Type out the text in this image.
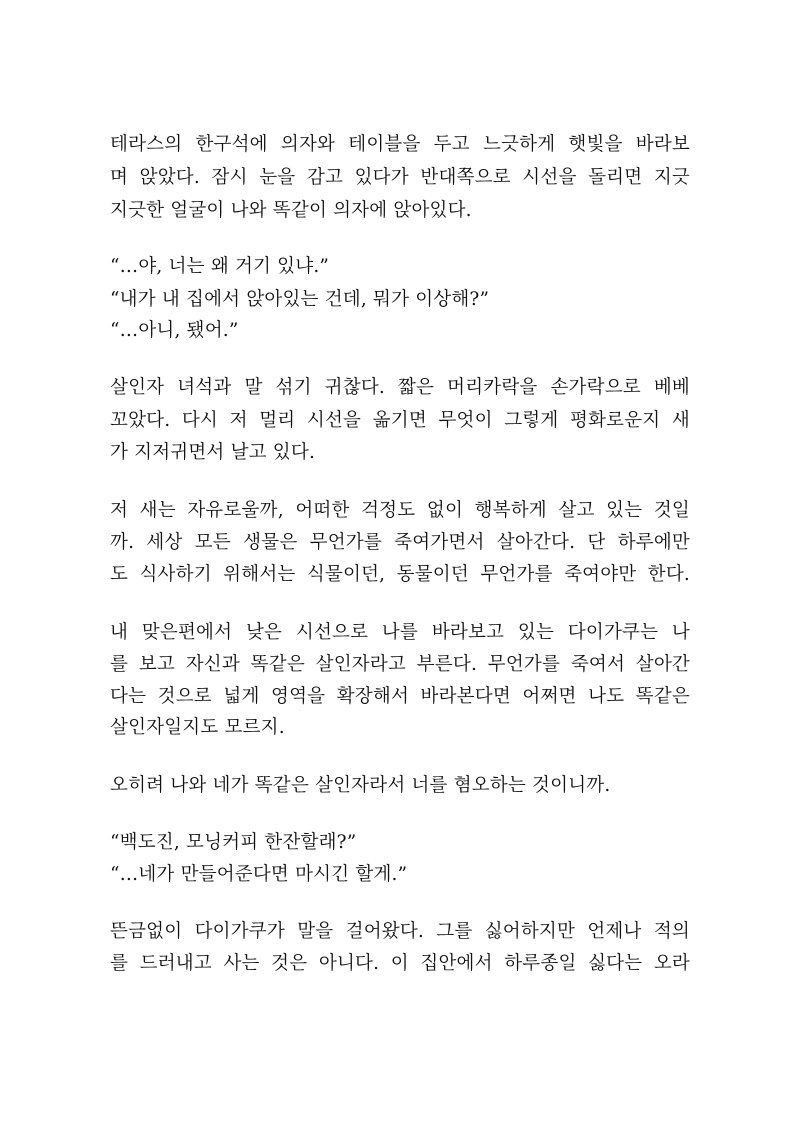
테라스의 한구석에 의자와 테이블을 두고 느긋하게 햇빛을 바라보
며 앉았다. 잠시 눈을 감고 있다가 반대쪽으로 시선을 돌리면 지긋
지긋한 얼굴이 나와 똑같이 의자에 앉아있다.
“…야, 너는 왜 거기 있냐.”
“내가 내 집에서 앉아있는 건데, 뭐가 이상해?”
“…아니, 됐어.”
살인자 녀석과 말 섞기 귀찮다. 짧은 머리카락을 손가락으로 베베
꼬았다. 다시 저 멀리 시선을 옮기면 무엇이 그렇게 평화로운지 새
가 지저귀면서 날고 있다.
저 새는 자유로울까, 어떠한 걱정도 없이 행복하게 살고 있는 것일
까. 세상 모든 생물은 무언가를 죽여가면서 살아간다. 단 하루에만
도 식사하기 위해서는 식물이던, 동물이던 무언가를 죽여야만 한다.
내 맞은편에서 낮은 시선으로 나를 바라보고 있는 다이가쿠는 나
를 보고 자신과 똑같은 살인자라고 부른다. 무언가를 죽여서 살아간
다는 것으로 넓게 영역을 확장해서 바라본다면 어쩌면 나도 똑같은
살인자일지도 모르지.
오히려 나와 네가 똑같은 살인자라서 너를 혐오하는 것이니까.
“백도진, 모닝커피 한잔할래?”
“…네가 만들어준다면 마시긴 할게.”
뜬금없이 다이가쿠가 말을 걸어왔다. 그를 싫어하지만 언제나 적의
를 드러내고 사는 것은 아니다. 이 집안에서 하루종일 싫다는 오라
